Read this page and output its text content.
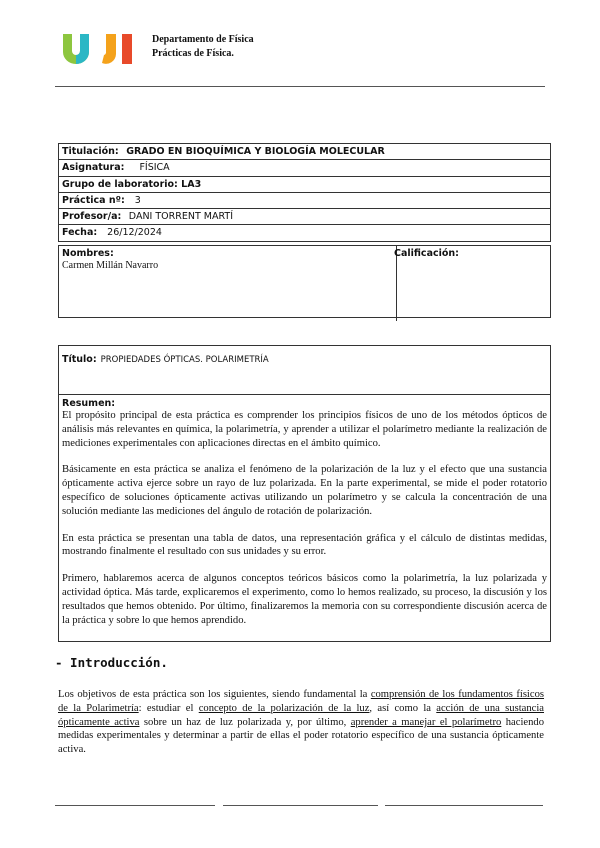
Departamento de Física
Prácticas de Física.
Titulación: GRADO EN BIOQUÍMICA Y BIOLOGÍA MOLECULAR
Asignatura: FÍSICA
Grupo de laboratorio: LA3
Práctica nº: 3
Profesor/a: DANI TORRENT MARTÍ
Fecha: 26/12/2024
Nombres:
Carmen Millán Navarro
Calificación:
Título: PROPIEDADES ÓPTICAS. POLARIMETRÍA
Resumen:

El propósito principal de esta práctica es comprender los principios físicos de uno de los métodos ópticos de análisis más relevantes en química, la polarimetría, y aprender a utilizar el polarímetro mediante la realización de mediciones experimentales con aplicaciones directas en el ámbito químico.

Básicamente en esta práctica se analiza el fenómeno de la polarización de la luz y el efecto que una sustancia ópticamente activa ejerce sobre un rayo de luz polarizada. En la parte experimental, se mide el poder rotatorio específico de soluciones ópticamente activas utilizando un polarímetro y se calcula la concentración de una solución mediante las mediciones del ángulo de rotación de polarización.

En esta práctica se presentan una tabla de datos, una representación gráfica y el cálculo de distintas medidas, mostrando finalmente el resultado con sus unidades y su error.

Primero, hablaremos acerca de algunos conceptos teóricos básicos como la polarimetría, la luz polarizada y actividad óptica. Más tarde, explicaremos el experimento, como lo hemos realizado, su proceso, la discusión y los resultados que hemos obtenido. Por último, finalizaremos la memoria con su correspondiente discusión acerca de la práctica y sobre lo que hemos aprendido.

- Introducción.
Los objetivos de esta práctica son los siguientes, siendo fundamental la comprensión de los fundamentos físicos de la Polarimetría: estudiar el concepto de la polarización de la luz, así como la acción de una sustancia ópticamente activa sobre un haz de luz polarizada y, por último, aprender a manejar el polarímetro haciendo medidas experimentales y determinar a partir de ellas el poder rotatorio específico de una sustancia ópticamente activa.
